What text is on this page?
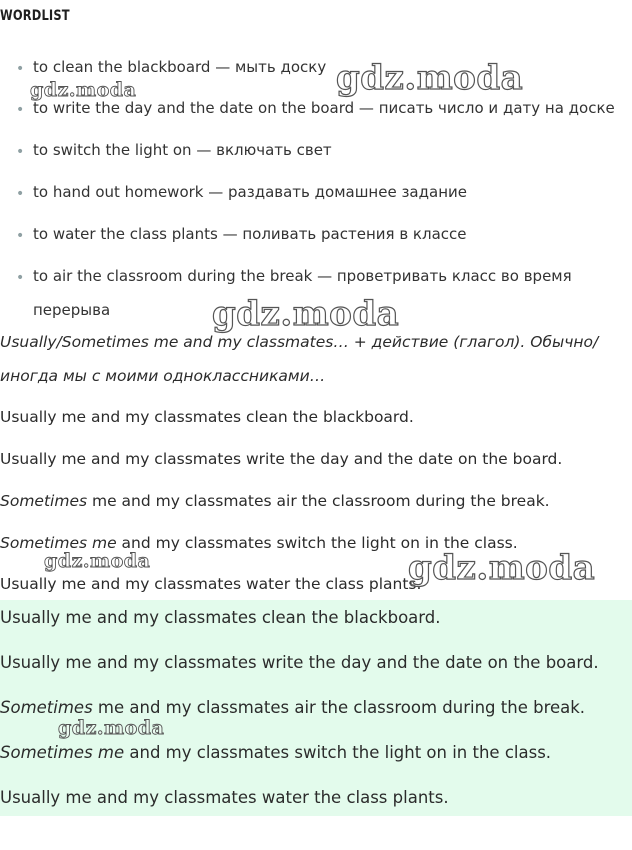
WORDLIST
• to clean the blackboard — мыть доску
• to write the day and the date on the board — писать число и дату на доске
• to switch the light on — включать свет
• to hand out homework — раздавать домашнее задание
• to water the class plants — поливать растения в классе
• to air the classroom during the break — проветривать класс во время
перерыва
Usually/Sometimes me and my classmates… + действие (глагол). Обычно/
иногда мы с моими одноклассниками…
Usually me and my classmates clean the blackboard.
Usually me and my classmates write the day and the date on the board.
Sometimes me and my classmates air the classroom during the break.
Sometimes me and my classmates switch the light on in the class.
Usually me and my classmates water the class plants.
Usually me and my classmates clean the blackboard.
Usually me and my classmates write the day and the date on the board.
Sometimes me and my classmates air the classroom during the break.
Sometimes me and my classmates switch the light on in the class.
Usually me and my classmates water the class plants.
gdz.moda
gdz.moda
gdz.moda
gdz.moda	gdz.moda
gdz.moda
